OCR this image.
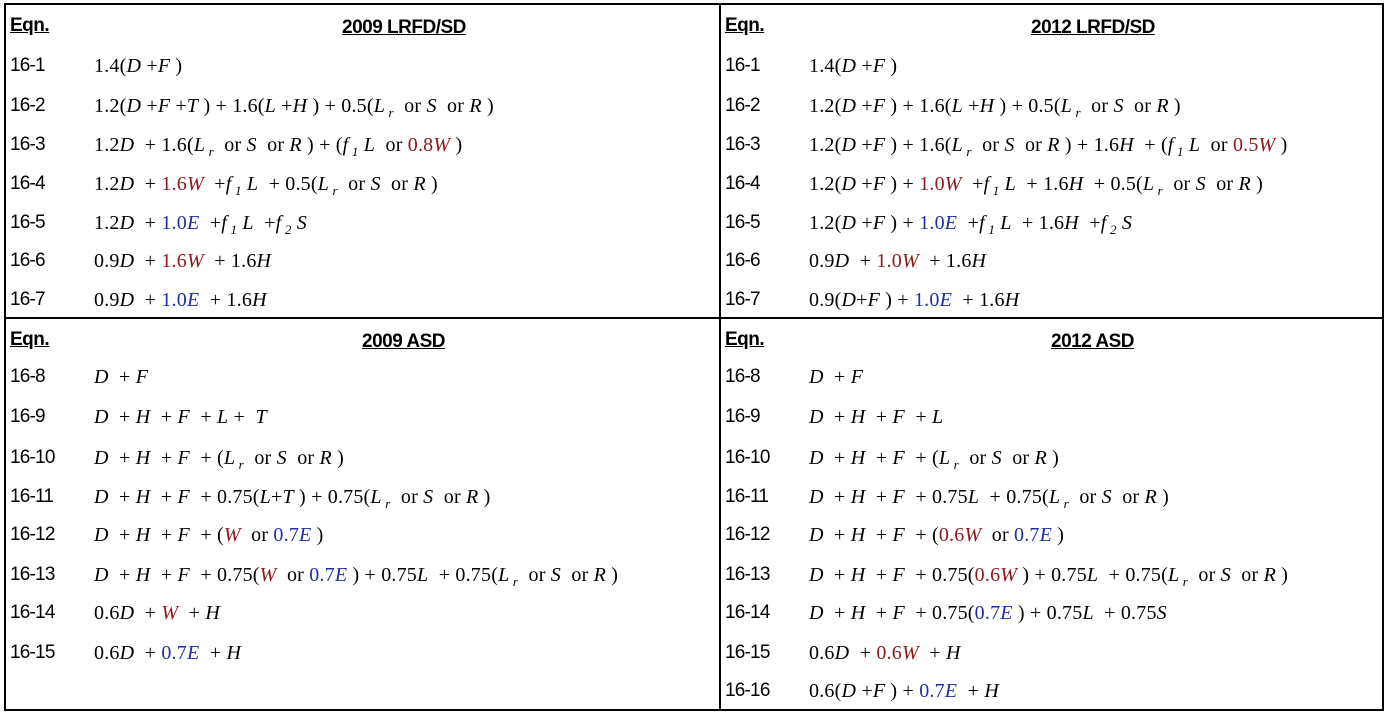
Eqn.	2009 LRFD/SD
16-1 1.4(D +F )
16-2 1.2(D +F +T ) + 1.6(L +H ) + 0.5(L $_r$  or S  or R )
16-3 1.2D  + 1.6(L $_r$  or S  or R ) + (f $_1$ L  or 0.8W )
16-4 1.2D  + 1.6W  +f $_1$ L  + 0.5(L $_r$  or S  or R )
16-5 1.2D  + 1.0E  +f $_1$ L  +f $_2$ S
16-6 0.9D  + 1.6W  + 1.6H
16-7 0.9D  + 1.0E  + 1.6H
Eqn.	2012 LRFD/SD
16-1 1.4(D +F )
16-2 1.2(D +F ) + 1.6(L +H ) + 0.5(L $_r$  or S  or R )
16-3 1.2(D +F ) + 1.6(L $_r$  or S  or R ) + 1.6H  + (f $_1$ L  or 0.5W )
16-4 1.2(D +F ) + 1.0W  +f $_1$ L  + 1.6H  + 0.5(L $_r$  or S  or R )
16-5 1.2(D +F ) + 1.0E  +f $_1$ L  + 1.6H  +f $_2$ S
16-6 0.9D  + 1.0W  + 1.6H
16-7 0.9(D+F ) + 1.0E  + 1.6H
Eqn.	2009 ASD
16-8 D  + F
16-9 D  + H  + F  + L +  T
16-10 D  + H  + F  + (L $_r$  or S  or R )
16-11 D  + H  + F  + 0.75(L+T ) + 0.75(L $_r$  or S  or R )
16-12 D  + H  + F  + (W  or 0.7E )
16-13 D  + H  + F  + 0.75(W  or 0.7E ) + 0.75L  + 0.75(L $_r$  or S  or R )
16-14 0.6D  + W  + H
16-15 0.6D  + 0.7E  + H
Eqn.	2012 ASD
16-8 D  + F
16-9 D  + H  + F  + L
16-10 D  + H  + F  + (L $_r$  or S  or R )
16-11 D  + H  + F  + 0.75L  + 0.75(L $_r$  or S  or R )
16-12 D  + H  + F  + (0.6W  or 0.7E )
16-13 D  + H  + F  + 0.75(0.6W ) + 0.75L  + 0.75(L $_r$  or S  or R )
16-14 D  + H  + F  + 0.75(0.7E ) + 0.75L  + 0.75S
16-15 0.6D  + 0.6W  + H
16-16 0.6(D +F ) + 0.7E  + H
